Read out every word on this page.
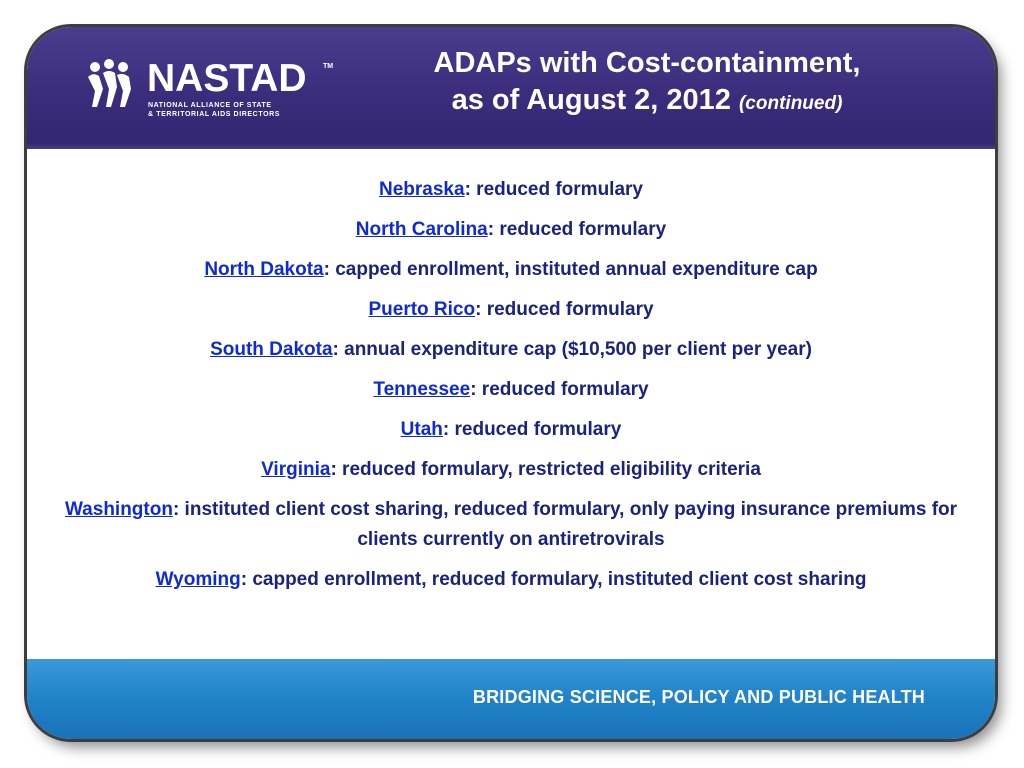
NASTAD TM
NATIONAL ALLIANCE OF STATE
& TERRITORIAL AIDS DIRECTORS
ADAPs with Cost-containment,
as of August 2, 2012 (continued)
Nebraska: reduced formulary
North Carolina: reduced formulary
North Dakota: capped enrollment, instituted annual expenditure cap
Puerto Rico: reduced formulary
South Dakota: annual expenditure cap ($10,500 per client per year)
Tennessee: reduced formulary
Utah: reduced formulary
Virginia: reduced formulary, restricted eligibility criteria
Washington: instituted client cost sharing, reduced formulary, only paying insurance premiums for clients currently on antiretrovirals
Wyoming: capped enrollment, reduced formulary, instituted client cost sharing
BRIDGING SCIENCE, POLICY AND PUBLIC HEALTH
